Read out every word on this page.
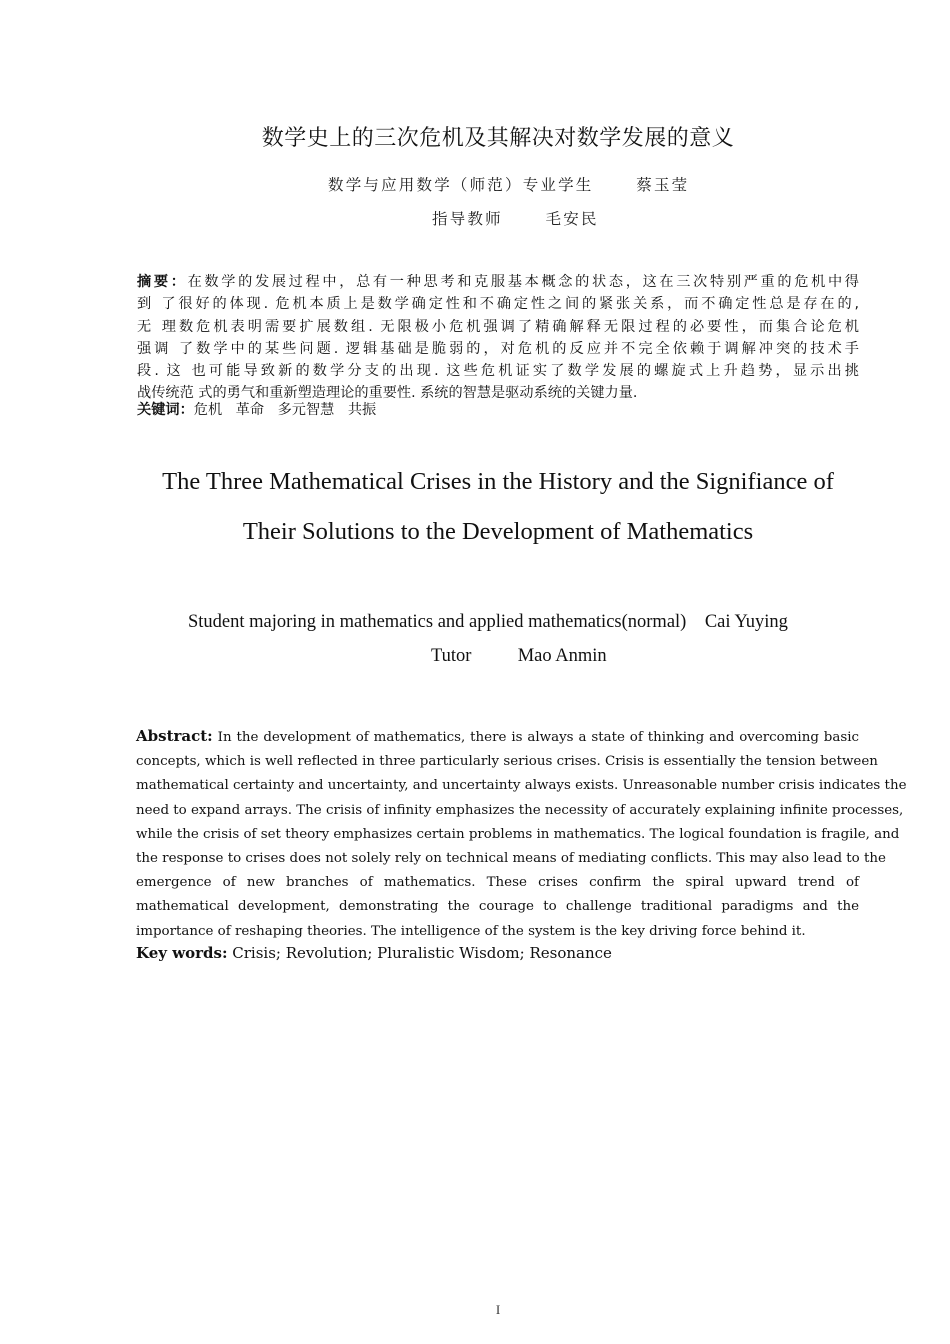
数学史上的三次危机及其解决对数学发展的意义
数学与应用数学（师范）专业学生      蔡玉莹
指导教师      毛安民
摘要：在数学的发展过程中，总有一种思考和克服基本概念的状态，这在三次特别严重的危机中得
到 了很好的体现. 危机本质上是数学确定性和不确定性之间的紧张关系，而不确定性总是存在的,
无 理数危机表明需要扩展数组. 无限极小危机强调了精确解释无限过程的必要性，而集合论危机
强调 了数学中的某些问题. 逻辑基础是脆弱的，对危机的反应并不完全依赖于调解冲突的技术手
段. 这 也可能导致新的数学分支的出现. 这些危机证实了数学发展的螺旋式上升趋势，显示出挑
战传统范 式的勇气和重新塑造理论的重要性. 系统的智慧是驱动系统的关键力量.
关键词：危机   革命   多元智慧   共振
The Three Mathematical Crises in the History and the Signifiance of
Their Solutions to the Development of Mathematics
Student majoring in mathematics and applied mathematics(normal)    Cai Yuying
Tutor          Mao Anmin
Abstract: In the development of mathematics, there is always a state of thinking and overcoming basic
concepts, which is well reflected in three particularly serious crises. Crisis is essentially the tension between
mathematical certainty and uncertainty, and uncertainty always exists. Unreasonable number crisis indicates the
need to expand arrays. The crisis of infinity emphasizes the necessity of accurately explaining infinite processes,
while the crisis of set theory emphasizes certain problems in mathematics. The logical foundation is fragile, and
the response to crises does not solely rely on technical means of mediating conflicts. This may also lead to the
emergence of new branches of mathematics. These crises confirm the spiral upward trend of
mathematical development, demonstrating the courage to challenge traditional paradigms and the
importance of reshaping theories. The intelligence of the system is the key driving force behind it.
Key words: Crisis; Revolution; Pluralistic Wisdom; Resonance
I
